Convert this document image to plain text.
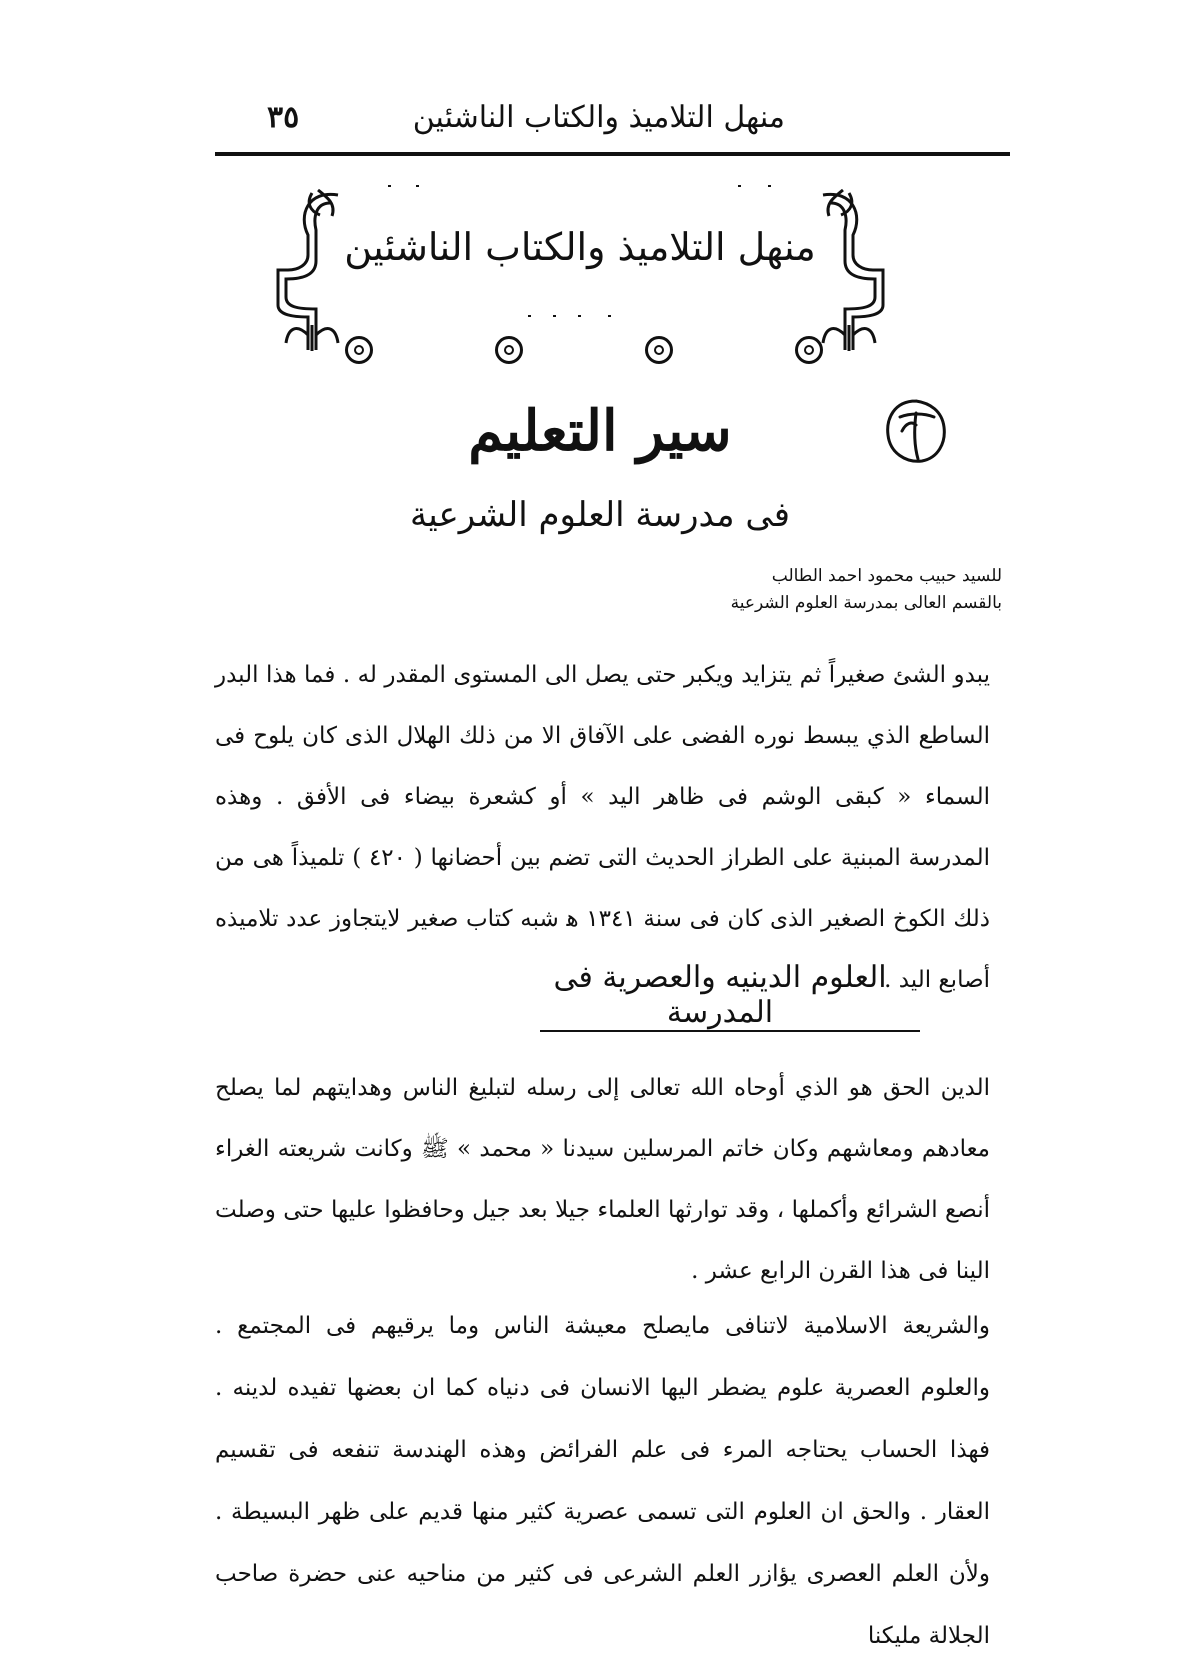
منهل التلاميذ والكتاب الناشئين
٣٥
منهل التلاميذ والكتاب الناشئين
سير التعليم
فى مدرسة العلوم الشرعية
للسيد حبيب محمود احمد الطالب
بالقسم العالى بمدرسة العلوم الشرعية
يبدو الشئ صغيراً ثم يتزايد ويكبر حتى يصل الى المستوى المقدر له . فما هذا البدر الساطع الذي يبسط نوره الفضى على الآفاق الا من ذلك الهلال الذى كان يلوح فى السماء « كبقى الوشم فى ظاهر اليد » أو كشعرة بيضاء فى الأفق . وهذه المدرسة المبنية على الطراز الحديث التى تضم بين أحضانها ( ٤٢٠ ) تلميذاً هى من ذلك الكوخ الصغير الذى كان فى سنة ١٣٤١ ﻫ شبه كتاب صغير لايتجاوز عدد تلاميذه أصابع اليد .
العلوم الدينيه والعصرية فى المدرسة
الدين الحق هو الذي أوحاه الله تعالى إلى رسله لتبليغ الناس وهدايتهم لما يصلح معادهم ومعاشهم وكان خاتم المرسلين سيدنا « محمد » ﷺ وكانت شريعته الغراء أنصع الشرائع وأكملها ، وقد توارثها العلماء جيلا بعد جيل وحافظوا عليها حتى وصلت الينا فى هذا القرن الرابع عشر .
والشريعة الاسلامية لاتنافى مايصلح معيشة الناس وما يرقيهم فى المجتمع . والعلوم العصرية علوم يضطر اليها الانسان فى دنياه كما ان بعضها تفيده لدينه . فهذا الحساب يحتاجه المرء فى علم الفرائض وهذه الهندسة تنفعه فى تقسيم العقار . والحق ان العلوم التى تسمى عصرية كثير منها قديم على ظهر البسيطة . ولأن العلم العصرى يؤازر العلم الشرعى فى كثير من مناحيه عنى حضرة صاحب الجلالة مليكنا
